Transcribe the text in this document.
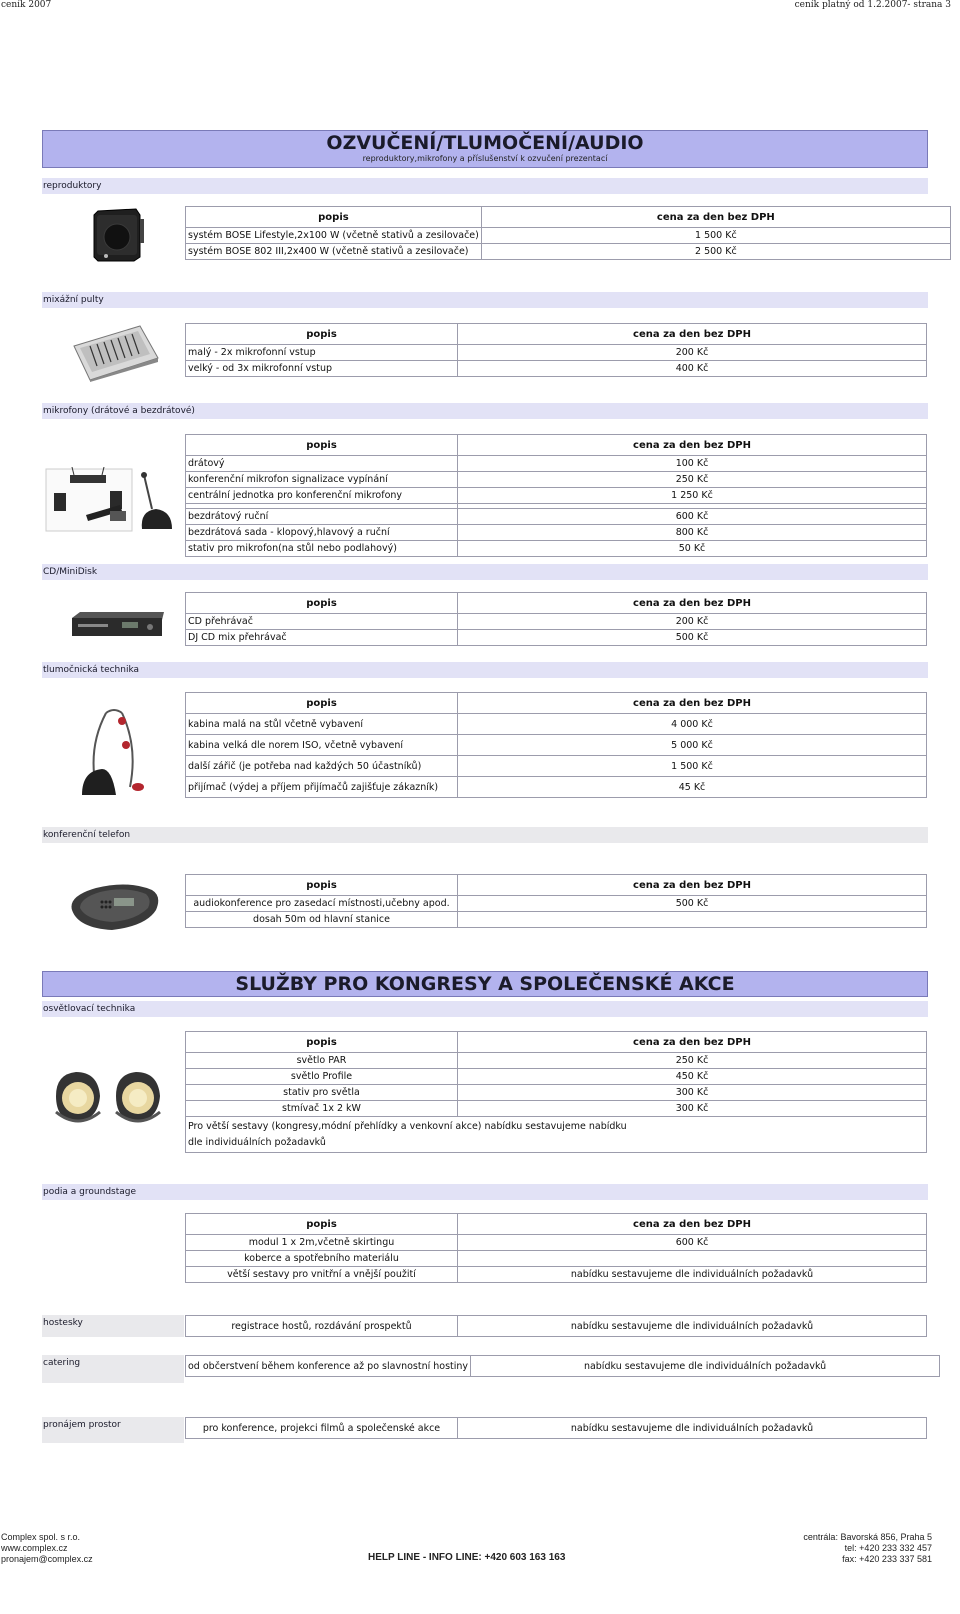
ceník 2007	ceník platný od 1.2.2007- strana 3
OZVUČENÍ/TLUMOČENÍ/AUDIO
reproduktory,mikrofony a příslušenství k ozvučení prezentací
reproduktory
popis	cena za den bez DPH
systém BOSE Lifestyle,2x100 W (včetně stativů a zesilovače)	1 500 Kč
systém BOSE 802 III,2x400 W (včetně stativů a zesilovače)	2 500 Kč
mixážní pulty
popis	cena za den bez DPH
malý - 2x mikrofonní vstup	200 Kč
velký - od 3x mikrofonní vstup	400 Kč
mikrofony (drátové a bezdrátové)
popis	cena za den bez DPH
drátový	100 Kč
konferenční mikrofon signalizace vypínání	250 Kč
centrální jednotka pro konferenční mikrofony	1 250 Kč

bezdrátový ruční	600 Kč
bezdrátová sada - klopový,hlavový a ruční	800 Kč
stativ pro mikrofon(na stůl nebo podlahový)	50 Kč
CD/MiniDisk
popis	cena za den bez DPH
CD přehrávač	200 Kč
DJ CD mix přehrávač	500 Kč
tlumočnická technika
popis	cena za den bez DPH
kabina malá na stůl včetně vybavení	4 000 Kč
kabina velká dle norem ISO, včetně vybavení	5 000 Kč
další zářič (je potřeba nad každých 50 účastníků)	1 500 Kč
přijímač (výdej a příjem přijímačů zajišťuje zákazník)	45 Kč
konferenční telefon
popis	cena za den bez DPH
audiokonference pro zasedací místnosti,učebny apod.	500 Kč
dosah 50m od hlavní stanice	
SLUŽBY PRO KONGRESY A SPOLEČENSKÉ AKCE
osvětlovací technika
popis	cena za den bez DPH
světlo PAR	250 Kč
světlo Profile	450 Kč
stativ pro světla	300 Kč
stmívač 1x 2 kW	300 Kč

Pro větší sestavy (kongresy,módní přehlídky a venkovní akce) nabídku sestavujeme nabídku
dle individuálních požadavků	
podia a groundstage
popis	cena za den bez DPH
modul 1 x 2m,včetně skirtingu	600 Kč
koberce a spotřebního materiálu	
větší sestavy pro vnitřní a vnější použití	nabídku sestavujeme dle individuálních požadavků
hostesky	registrace hostů, rozdávání prospektů	nabídku sestavujeme dle individuálních požadavků
catering	od občerstvení během konference až po slavnostní hostiny	nabídku sestavujeme dle individuálních požadavků
pronájem prostor	pro konference, projekci filmů a společenské akce	nabídku sestavujeme dle individuálních požadavků
Complex spol. s r.o.
www.complex.cz
pronajem@complex.cz	HELP LINE - INFO LINE: +420 603 163 163
centrála: Bavorská 856, Praha 5
tel: +420 233 332 457
fax: +420 233 337 581
